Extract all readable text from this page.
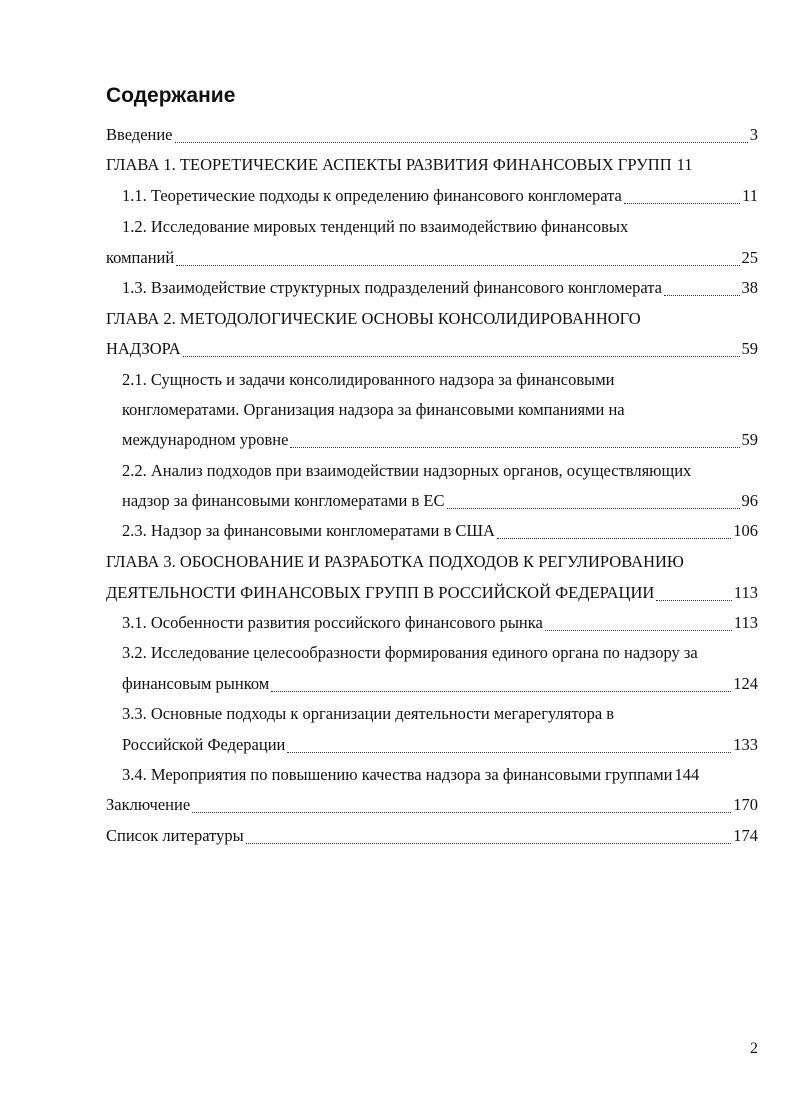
Содержание
Введение	3
ГЛАВА 1. ТЕОРЕТИЧЕСКИЕ АСПЕКТЫ РАЗВИТИЯ ФИНАНСОВЫХ ГРУПП 11
1.1. Теоретические подходы к определению финансового конгломерата	11
1.2. Исследование мировых тенденций по взаимодействию финансовых
компаний	25
1.3. Взаимодействие структурных подразделений финансового конгломерата	38
ГЛАВА 2. МЕТОДОЛОГИЧЕСКИЕ ОСНОВЫ КОНСОЛИДИРОВАННОГО
НАДЗОРА	59
2.1. Сущность и задачи консолидированного надзора за финансовыми
конгломератами. Организация надзора за финансовыми компаниями на
международном уровне	59
2.2. Анализ подходов при взаимодействии надзорных органов, осуществляющих
надзор за финансовыми конгломератами в ЕС	96
2.3. Надзор за финансовыми конгломератами в США	106
ГЛАВА 3. ОБОСНОВАНИЕ И РАЗРАБОТКА ПОДХОДОВ К РЕГУЛИРОВАНИЮ
ДЕЯТЕЛЬНОСТИ ФИНАНСОВЫХ ГРУПП В РОССИЙСКОЙ ФЕДЕРАЦИИ	113
3.1. Особенности развития российского финансового рынка	113
3.2. Исследование целесообразности формирования единого органа по надзору за
финансовым рынком	124
3.3. Основные подходы к организации деятельности мегарегулятора в
Российской Федерации	133
3.4. Мероприятия по повышению качества надзора за финансовыми группами 144
Заключение	170
Список литературы	174
2
